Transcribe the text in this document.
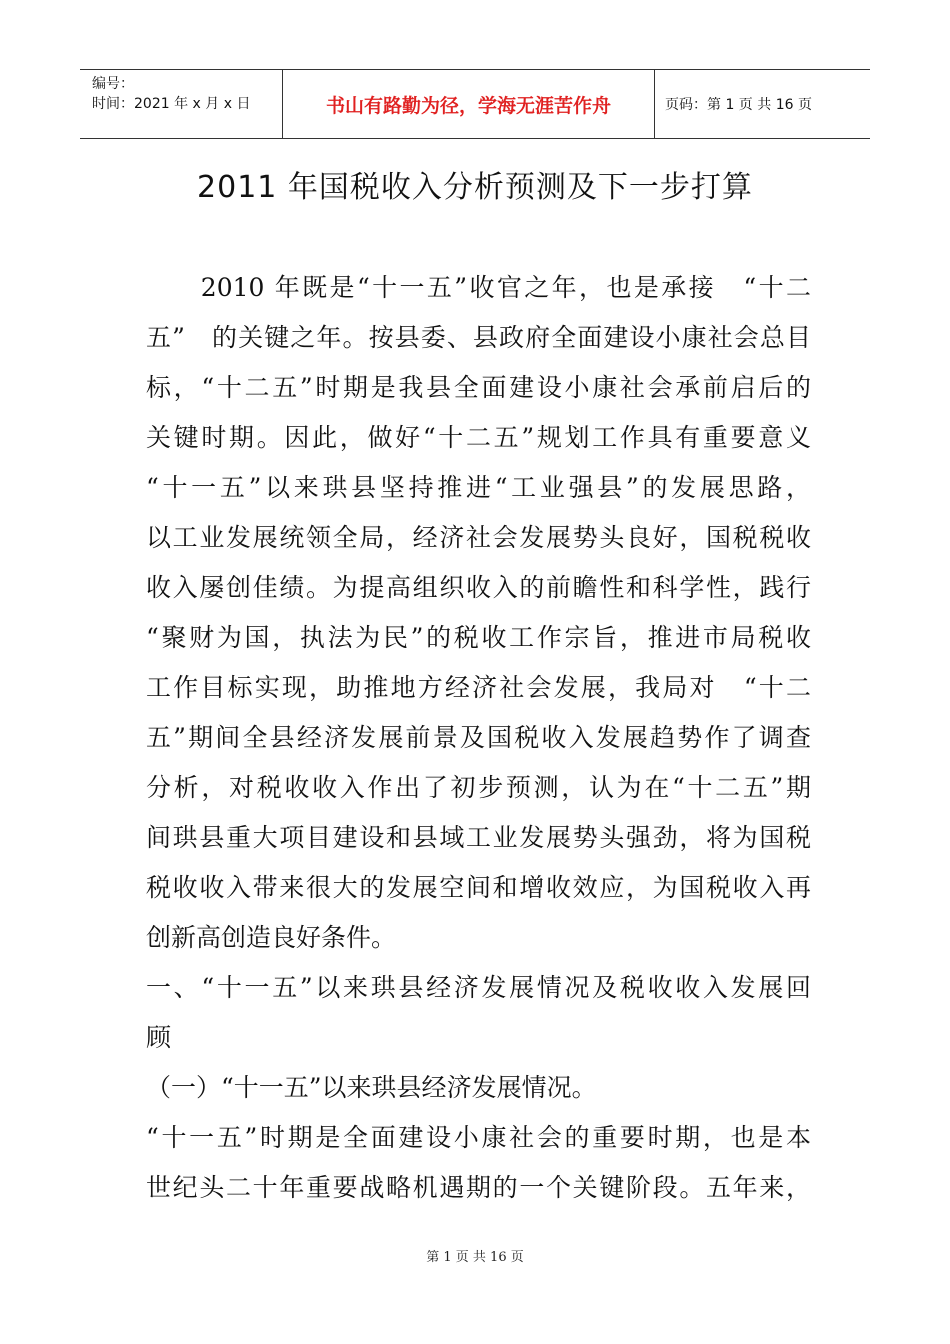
编号：
时间：2021 年 x 月 x 日	书山有路勤为径，学海无涯苦作舟	页码：第 1 页 共 16 页
2011 年国税收入分析预测及下一步打算
　　2010 年既是“十一五”收官之年，也是承接　“十二
五”　的关键之年。按县委、县政府全面建设小康社会总目
标，“十二五”时期是我县全面建设小康社会承前启后的
关键时期。因此，做好“十二五”规划工作具有重要意义
“十一五”以来珙县坚持推进“工业强县”的发展思路，
以工业发展统领全局，经济社会发展势头良好，国税税收
收入屡创佳绩。为提高组织收入的前瞻性和科学性，践行
“聚财为国，执法为民”的税收工作宗旨，推进市局税收
工作目标实现，助推地方经济社会发展，我局对　“十二
五”期间全县经济发展前景及国税收入发展趋势作了调查
分析，对税收收入作出了初步预测，认为在“十二五”期
间珙县重大项目建设和县域工业发展势头强劲，将为国税
税收收入带来很大的发展空间和增收效应，为国税收入再
创新高创造良好条件。
一、“十一五”以来珙县经济发展情况及税收收入发展回
顾
（一）“十一五”以来珙县经济发展情况。
“十一五”时期是全面建设小康社会的重要时期，也是本
世纪头二十年重要战略机遇期的一个关键阶段。五年来，
第 1 页 共 16 页
